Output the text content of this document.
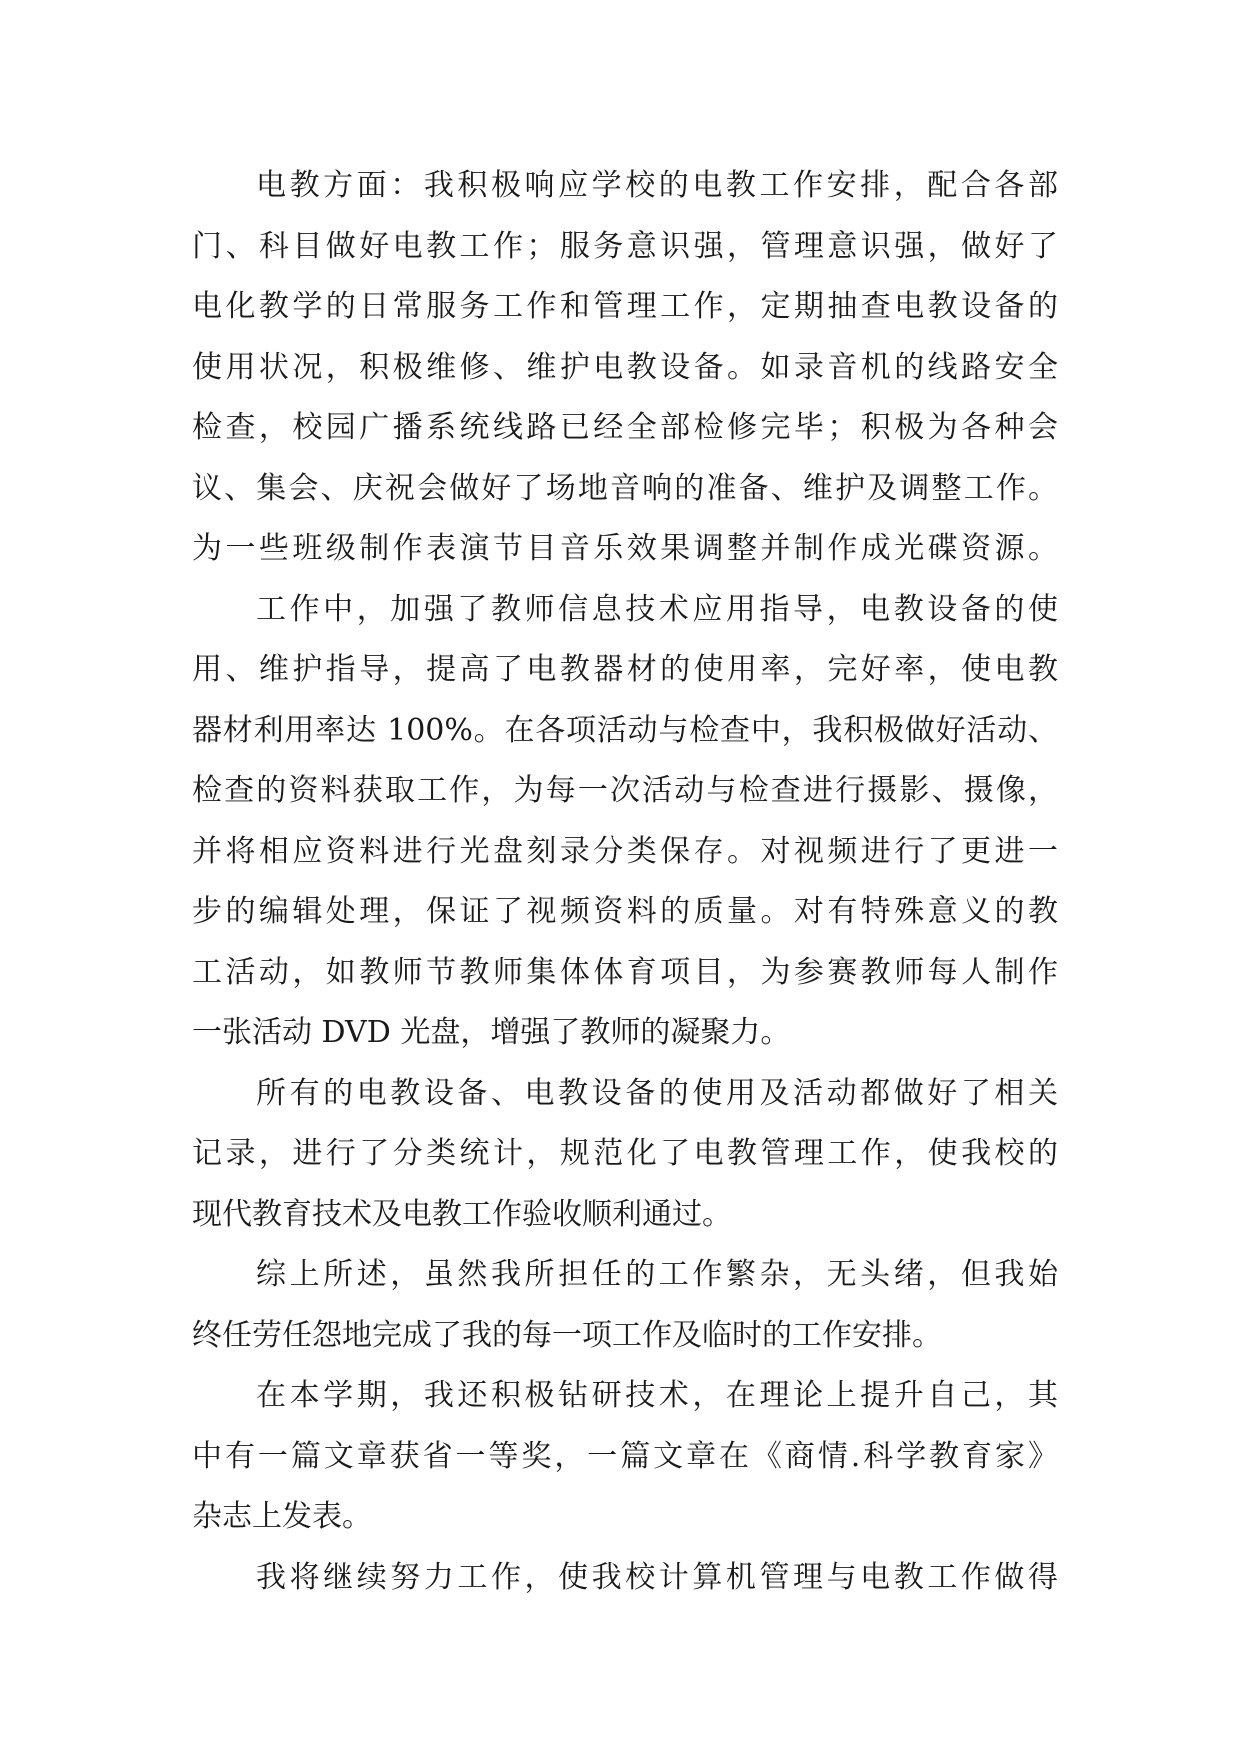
电教方面：我积极响应学校的电教工作安排，配合各部
门、科目做好电教工作；服务意识强，管理意识强，做好了
电化教学的日常服务工作和管理工作，定期抽查电教设备的
使用状况，积极维修、维护电教设备。如录音机的线路安全
检查，校园广播系统线路已经全部检修完毕；积极为各种会
议、集会、庆祝会做好了场地音响的准备、维护及调整工作。
为一些班级制作表演节目音乐效果调整并制作成光碟资源。
工作中，加强了教师信息技术应用指导，电教设备的使
用、维护指导，提高了电教器材的使用率，完好率，使电教
器材利用率达 100%。在各项活动与检查中，我积极做好活动、
检查的资料获取工作，为每一次活动与检查进行摄影、摄像，
并将相应资料进行光盘刻录分类保存。对视频进行了更进一
步的编辑处理，保证了视频资料的质量。对有特殊意义的教
工活动，如教师节教师集体体育项目，为参赛教师每人制作
一张活动 DVD 光盘，增强了教师的凝聚力。
所有的电教设备、电教设备的使用及活动都做好了相关
记录，进行了分类统计，规范化了电教管理工作，使我校的
现代教育技术及电教工作验收顺利通过。
综上所述，虽然我所担任的工作繁杂，无头绪，但我始
终任劳任怨地完成了我的每一项工作及临时的工作安排。
在本学期，我还积极钻研技术，在理论上提升自己，其
中有一篇文章获省一等奖，一篇文章在《商情.科学教育家》
杂志上发表。
我将继续努力工作，使我校计算机管理与电教工作做得
